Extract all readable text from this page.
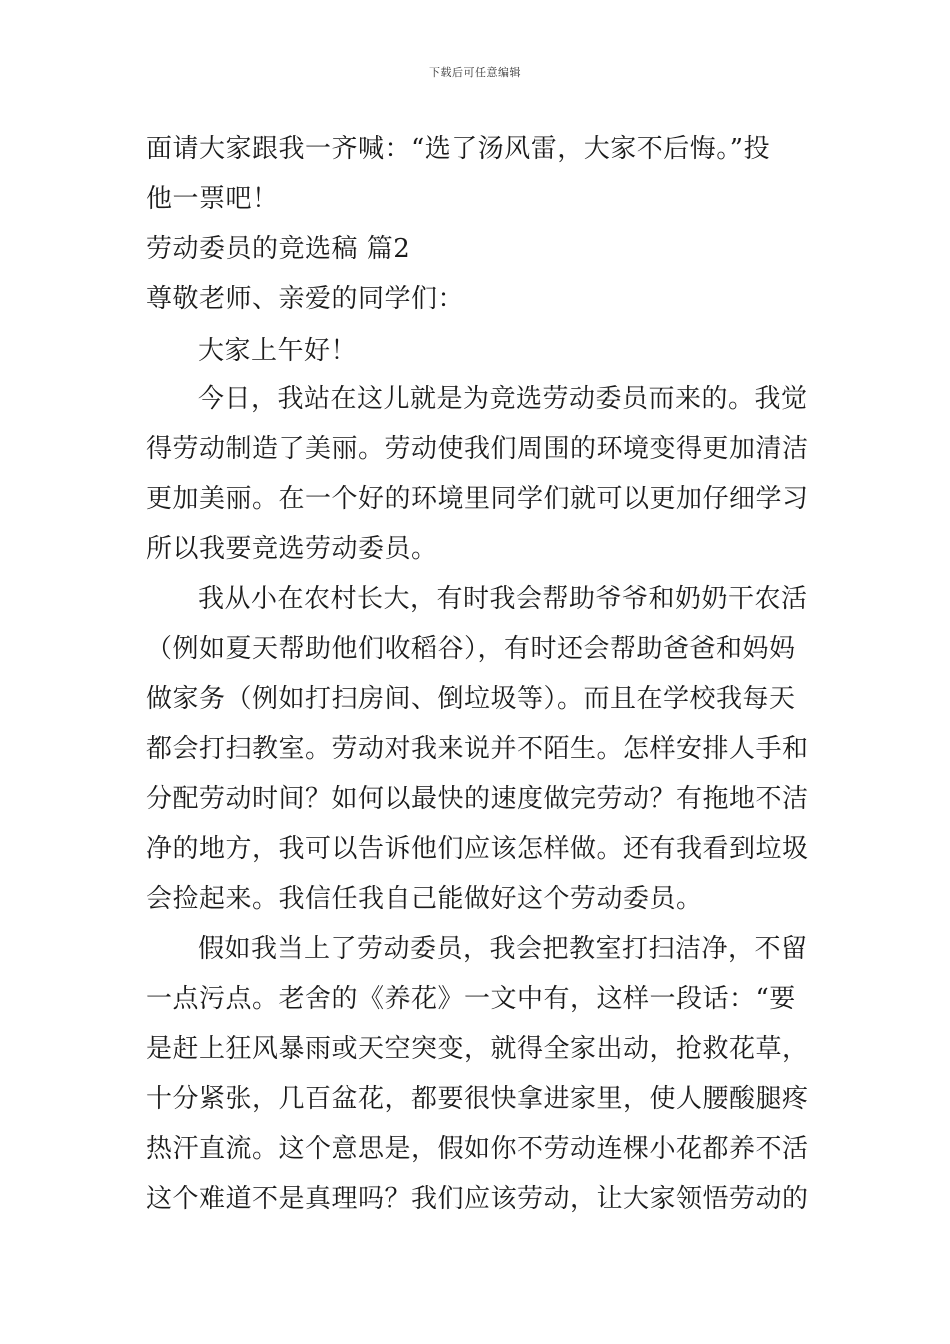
下载后可任意编辑
面请大家跟我一齐喊：“选了汤风雷，大家不后悔。”投
他一票吧！
劳动委员的竞选稿 篇2
尊敬老师、亲爱的同学们：
大家上午好！
今日，我站在这儿就是为竞选劳动委员而来的。我觉
得劳动制造了美丽。劳动使我们周围的环境变得更加清洁
更加美丽。在一个好的环境里同学们就可以更加仔细学习
所以我要竞选劳动委员。
我从小在农村长大，有时我会帮助爷爷和奶奶干农活
（例如夏天帮助他们收稻谷），有时还会帮助爸爸和妈妈
做家务（例如打扫房间、倒垃圾等）。而且在学校我每天
都会打扫教室。劳动对我来说并不陌生。怎样安排人手和
分配劳动时间？如何以最快的速度做完劳动？有拖地不洁
净的地方，我可以告诉他们应该怎样做。还有我看到垃圾
会捡起来。我信任我自己能做好这个劳动委员。
假如我当上了劳动委员，我会把教室打扫洁净，不留
一点污点。老舍的《养花》一文中有，这样一段话：“要
是赶上狂风暴雨或天空突变，就得全家出动，抢救花草，
十分紧张，几百盆花，都要很快拿进家里，使人腰酸腿疼
热汗直流。这个意思是，假如你不劳动连棵小花都养不活
这个难道不是真理吗？我们应该劳动，让大家领悟劳动的
